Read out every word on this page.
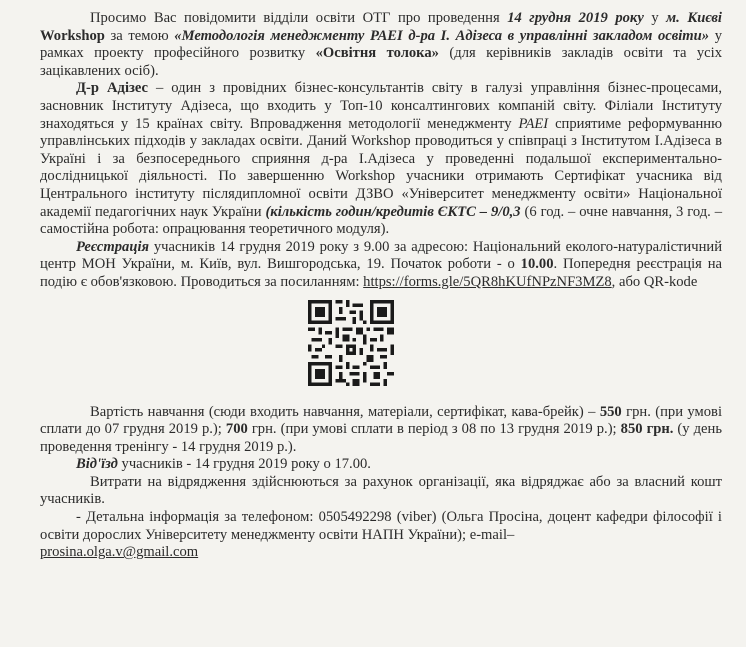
Просимо Вас повідомити відділи освіти ОТГ про проведення 14 грудня 2019 року у м. Києві Workshop за темою «Методологія менеджменту РАЕІ д-ра І. Адізеса в управлінні закладом освіти» у рамках проекту професійного розвитку «Освітня толока» (для керівників закладів освіти та усіх зацікавлених осіб).

Д-р Адізес – один з провідних бізнес-консультантів світу в галузі управління бізнес-процесами, засновник Інституту Адізеса, що входить у Топ-10 консалтингових компаній світу. Філіали Інституту знаходяться у 15 країнах світу. Впровадження методології менеджменту PAEI сприятиме реформуванню управлінських підходів у закладах освіти. Даний Workshop проводиться у співпраці з Інститутом І.Адізеса в Україні і за безпосереднього сприяння д-ра І.Адізеса у проведенні подальшої експериментально-дослідницької діяльності. По завершенню Workshop учасники отримають Сертифікат учасника від Центрального інституту післядипломної освіти ДЗВО «Університет менеджменту освіти» Національної академії педагогічних наук України (кількість годин/кредитів ЄКТС – 9/0,3 (6 год. – очне навчання, 3 год. – самостійна робота: опрацювання теоретичного модуля).

Реєстрація учасників 14 грудня 2019 року з 9.00 за адресою: Національний еколого-натуралістичний центр МОН України, м. Київ, вул. Вишгородська, 19. Початок роботи - о 10.00. Попередня реєстрація на подію є обов'язковою. Проводиться за посиланням: https://forms.gle/5QR8hKUfNPzNF3MZ8, або QR-kode

Вартість навчання (сюди входить навчання, матеріали, сертифікат, кава-брейк) – 550 грн. (при умові сплати до 07 грудня 2019 р.); 700 грн. (при умові сплати в період з 08 по 13 грудня 2019 р.); 850 грн. (у день проведення тренінгу - 14 грудня 2019 р.).

Від'їзд учасників - 14 грудня 2019 року о 17.00.

Витрати на відрядження здійснюються за рахунок організації, яка відряджає або за власний кошт учасників.

- Детальна інформація за телефоном: 0505492298 (viber) (Ольга Просіна, доцент кафедри філософії і освіти дорослих Університету менеджменту освіти НАПН України); e-mail–
prosina.olga.v@gmail.com
